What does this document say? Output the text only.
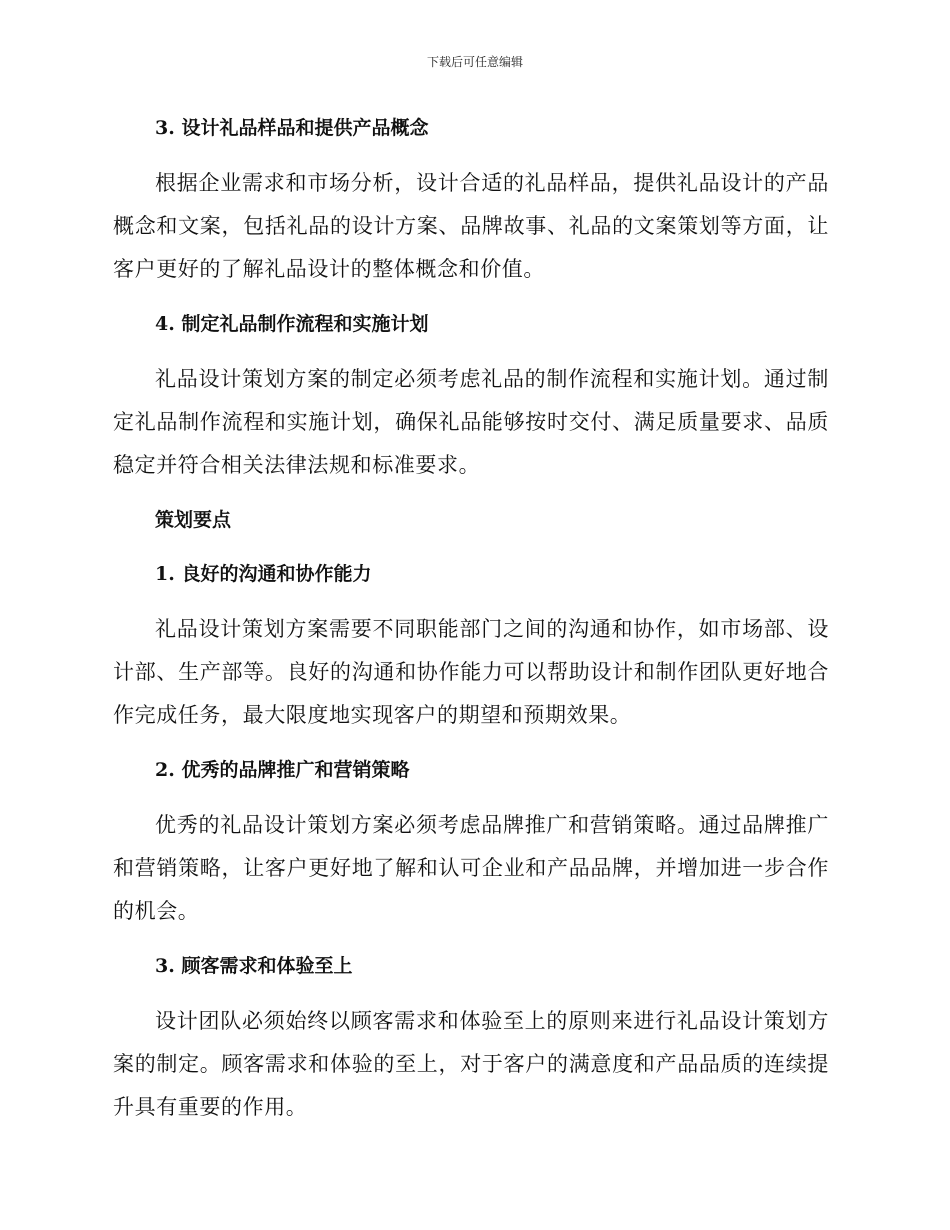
下载后可任意编辑
3. 设计礼品样品和提供产品概念

根据企业需求和市场分析，设计合适的礼品样品，提供礼品设计的产品概念和文案，包括礼品的设计方案、品牌故事、礼品的文案策划等方面，让客户更好的了解礼品设计的整体概念和价值。

4. 制定礼品制作流程和实施计划

礼品设计策划方案的制定必须考虑礼品的制作流程和实施计划。通过制定礼品制作流程和实施计划，确保礼品能够按时交付、满足质量要求、品质稳定并符合相关法律法规和标准要求。

策划要点
1. 良好的沟通和协作能力

礼品设计策划方案需要不同职能部门之间的沟通和协作，如市场部、设计部、生产部等。良好的沟通和协作能力可以帮助设计和制作团队更好地合作完成任务，最大限度地实现客户的期望和预期效果。

2. 优秀的品牌推广和营销策略

优秀的礼品设计策划方案必须考虑品牌推广和营销策略。通过品牌推广和营销策略，让客户更好地了解和认可企业和产品品牌，并增加进一步合作的机会。

3. 顾客需求和体验至上

设计团队必须始终以顾客需求和体验至上的原则来进行礼品设计策划方案的制定。顾客需求和体验的至上，对于客户的满意度和产品品质的连续提升具有重要的作用。
